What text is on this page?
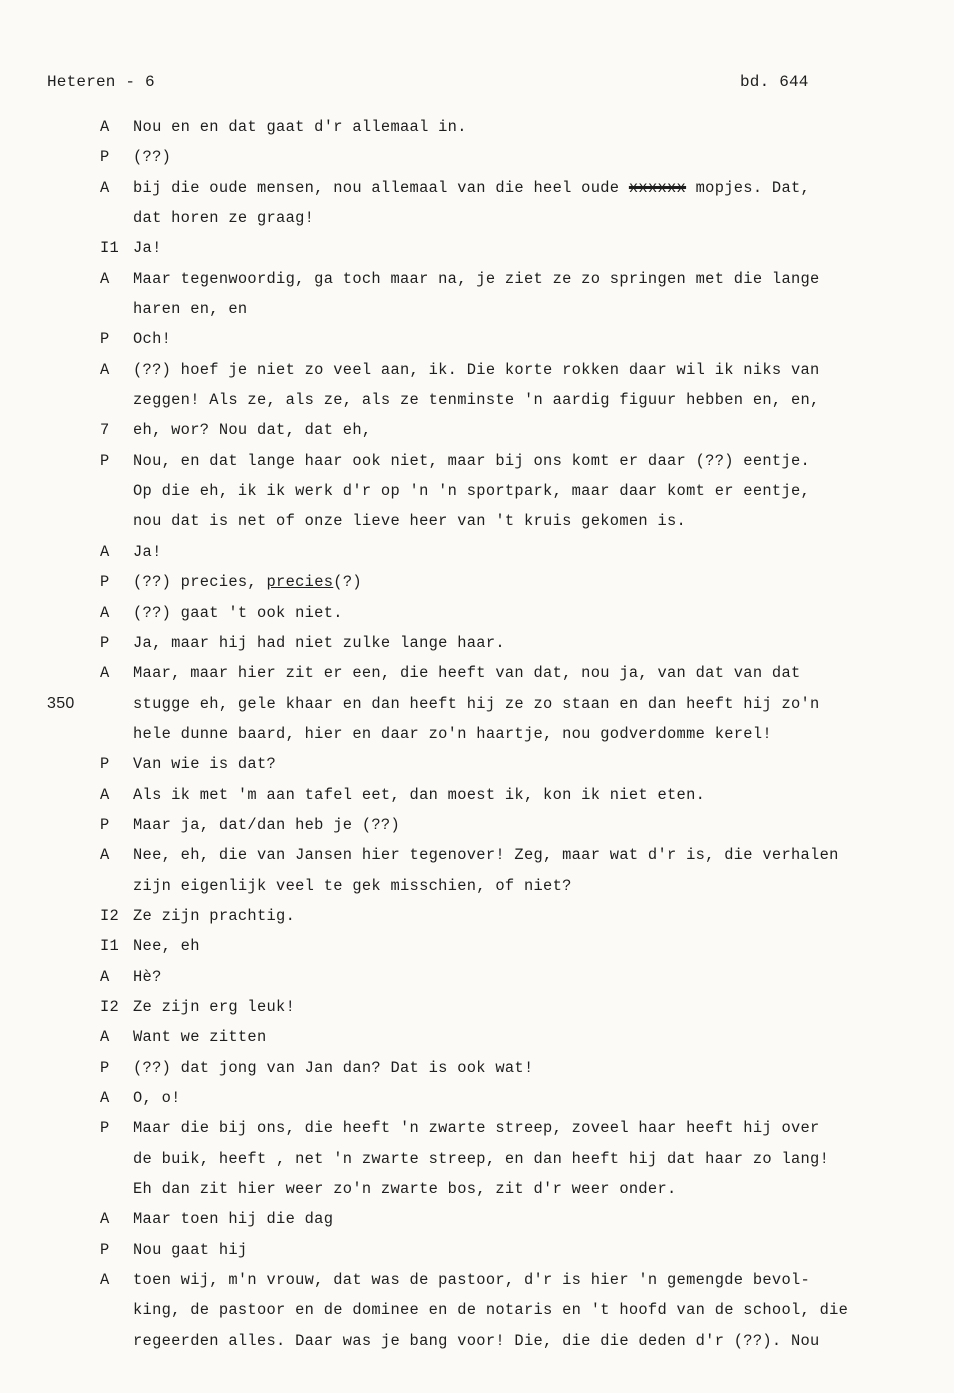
Heteren - 6	bd. 644
A Nou en en dat gaat d'r allemaal in.
P (??)
A bij die oude mensen, nou allemaal van die heel oude xxxxxx mopjes. Dat,
dat horen ze graag!
I1 Ja!
A Maar tegenwoordig, ga toch maar na, je ziet ze zo springen met die lange
haren en, en
P Och!
A (??) hoef je niet zo veel aan, ik. Die korte rokken daar wil ik niks van
zeggen! Als ze, als ze, als ze tenminste 'n aardig figuur hebben en, en,
7 eh, wor? Nou dat, dat eh,
P Nou, en dat lange haar ook niet, maar bij ons komt er daar (??) eentje.
Op die eh, ik ik werk d'r op 'n 'n sportpark, maar daar komt er eentje,
nou dat is net of onze lieve heer van 't kruis gekomen is.
A Ja!
P (??) precies, precies(?)
A (??) gaat 't ook niet.
P Ja, maar hij had niet zulke lange haar.
A Maar, maar hier zit er een, die heeft van dat, nou ja, van dat van dat
350	stugge eh, gele khaar en dan heeft hij ze zo staan en dan heeft hij zo'n
hele dunne baard, hier en daar zo'n haartje, nou godverdomme kerel!
P Van wie is dat?
A Als ik met 'm aan tafel eet, dan moest ik, kon ik niet eten.
P Maar ja, dat/dan heb je (??)
A Nee, eh, die van Jansen hier tegenover! Zeg, maar wat d'r is, die verhalen
zijn eigenlijk veel te gek misschien, of niet?
I2 Ze zijn prachtig.
I1 Nee, eh
A Hè?
I2 Ze zijn erg leuk!
A Want we zitten
P (??) dat jong van Jan dan? Dat is ook wat!
A O, o!
P Maar die bij ons, die heeft 'n zwarte streep, zoveel haar heeft hij over
de buik, heeft , net 'n zwarte streep, en dan heeft hij dat haar zo lang!
Eh dan zit hier weer zo'n zwarte bos, zit d'r weer onder.
A Maar toen hij die dag
P Nou gaat hij
A toen wij, m'n vrouw, dat was de pastoor, d'r is hier 'n gemengde bevol-
king, de pastoor en de dominee en de notaris en 't hoofd van de school, die
regeerden alles. Daar was je bang voor! Die, die die deden d'r (??). Nou
